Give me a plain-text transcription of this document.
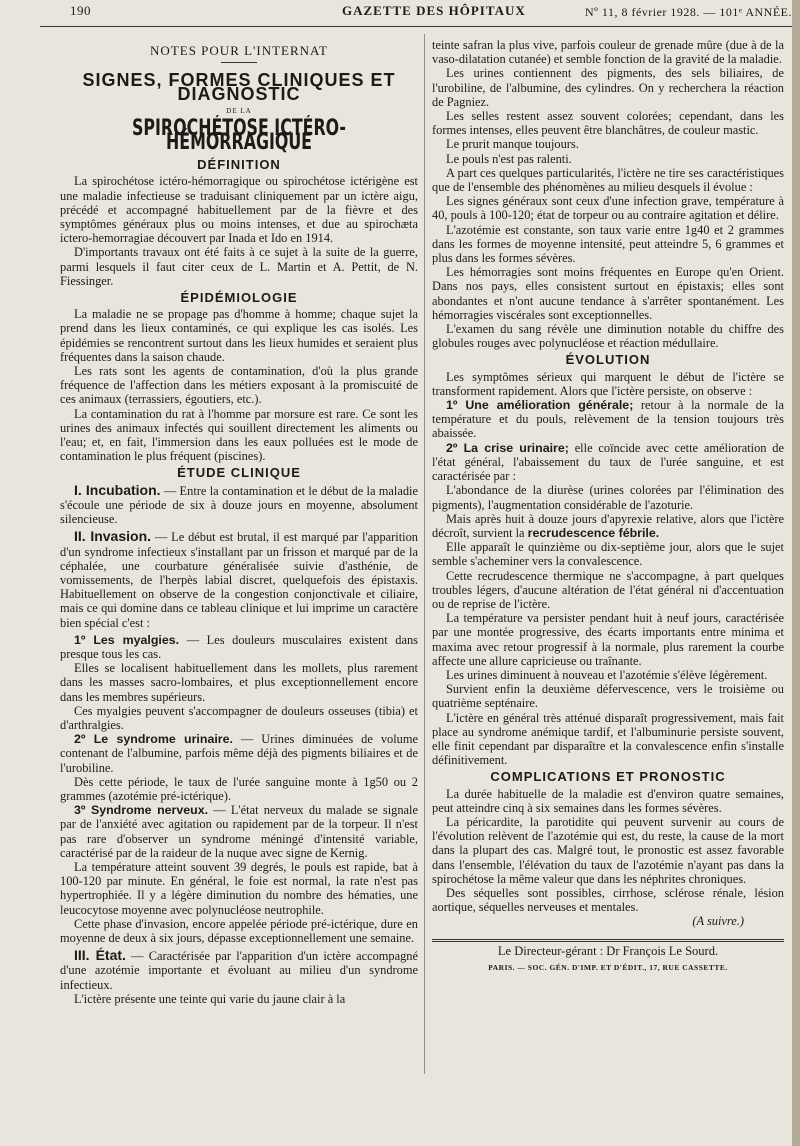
190	GAZETTE DES HÔPITAUX	Nº 11, 8 février 1928. — 101ᵉ ANNÉE.
NOTES POUR L'INTERNAT
SIGNES, FORMES CLINIQUES ET DIAGNOSTIC
DE LA
SPIROCHÉTOSE ICTÉRO-HÉMORRAGIQUE
DÉFINITION

La spirochétose ictéro-hémorragique ou spirochétose ictérigène est une maladie infectieuse se traduisant cliniquement par un ictère aigu, précédé et accompagné habituellement par de la fièvre et des symptômes généraux plus ou moins intenses, et due au spirochæta ictero-hemorragiae découvert par Inada et Ido en 1914.

D'importants travaux ont été faits à ce sujet à la suite de la guerre, parmi lesquels il faut citer ceux de L. Martin et A. Pettit, de N. Fiessinger.

ÉPIDÉMIOLOGIE

La maladie ne se propage pas d'homme à homme; chaque sujet la prend dans les lieux contaminés, ce qui explique les cas isolés. Les épidémies se rencontrent surtout dans les lieux humides et seraient plus fréquentes dans la saison chaude.

Les rats sont les agents de contamination, d'où la plus grande fréquence de l'affection dans les métiers exposant à la promiscuité de ces animaux (terrassiers, égoutiers, etc.).

La contamination du rat à l'homme par morsure est rare. Ce sont les urines des animaux infectés qui souillent directement les aliments ou l'eau; et, en fait, l'immersion dans les eaux polluées est le mode de contamination le plus fréquent (piscines).

ÉTUDE CLINIQUE

I. Incubation. — Entre la contamination et le début de la maladie s'écoule une période de six à douze jours en moyenne, absolument silencieuse.

II. Invasion. — Le début est brutal, il est marqué par l'apparition d'un syndrome infectieux s'installant par un frisson et marqué par de la céphalée, une courbature généralisée suivie d'asthénie, de vomissements, de l'herpès labial discret, quelquefois des épistaxis. Habituellement on observe de la congestion conjonctivale et ciliaire, mais ce qui domine dans ce tableau clinique et lui imprime un caractère bien spécial c'est :

1º Les myalgies. — Les douleurs musculaires existent dans presque tous les cas.

Elles se localisent habituellement dans les mollets, plus rarement dans les masses sacro-lombaires, et plus exceptionnellement encore dans les membres supérieurs.

Ces myalgies peuvent s'accompagner de douleurs osseuses (tibia) et d'arthralgies.

2º Le syndrome urinaire. — Urines diminuées de volume contenant de l'albumine, parfois même déjà des pigments biliaires et de l'urobiline.

Dès cette période, le taux de l'urée sanguine monte à 1g50 ou 2 grammes (azotémie pré-ictérique).

3º Syndrome nerveux. — L'état nerveux du malade se signale par de l'anxiété avec agitation ou rapidement par de la torpeur. Il n'est pas rare d'observer un syndrome méningé d'intensité variable, caractérisé par de la raideur de la nuque avec signe de Kernig.

La température atteint souvent 39 degrés, le pouls est rapide, bat à 100-120 par minute. En général, le foie est normal, la rate n'est pas hypertrophiée. Il y a légère diminution du nombre des hématies, une leucocytose moyenne avec polynucléose neutrophile.

Cette phase d'invasion, encore appelée période pré-ictérique, dure en moyenne de deux à six jours, dépasse exceptionnellement une semaine.

III. État. — Caractérisée par l'apparition d'un ictère accompagné d'une azotémie importante et évoluant au milieu d'un syndrome infectieux.

L'ictère présente une teinte qui varie du jaune clair à la

teinte safran la plus vive, parfois couleur de grenade mûre (due à de la vaso-dilatation cutanée) et semble fonction de la gravité de la maladie.

Les urines contiennent des pigments, des sels biliaires, de l'urobiline, de l'albumine, des cylindres. On y recherchera la réaction de Pagniez.

Les selles restent assez souvent colorées; cependant, dans les formes intenses, elles peuvent être blanchâtres, de couleur mastic.

Le prurit manque toujours.

Le pouls n'est pas ralenti.

A part ces quelques particularités, l'ictère ne tire ses caractéristiques que de l'ensemble des phénomènes au milieu desquels il évolue :

Les signes généraux sont ceux d'une infection grave, température à 40, pouls à 100-120; état de torpeur ou au contraire agitation et délire.

L'azotémie est constante, son taux varie entre 1g40 et 2 grammes dans les formes de moyenne intensité, peut atteindre 5, 6 grammes et plus dans les formes sévères.

Les hémorragies sont moins fréquentes en Europe qu'en Orient. Dans nos pays, elles consistent surtout en épistaxis; elles sont abondantes et n'ont aucune tendance à s'arrêter spontanément. Les hémorragies viscérales sont exceptionnelles.

L'examen du sang révèle une diminution notable du chiffre des globules rouges avec polynucléose et réaction médullaire.

ÉVOLUTION

Les symptômes sérieux qui marquent le début de l'ictère se transforment rapidement. Alors que l'ictère persiste, on observe :

1º Une amélioration générale; retour à la normale de la température et du pouls, relèvement de la tension toujours très abaissée.

2º La crise urinaire; elle coïncide avec cette amélioration de l'état général, l'abaissement du taux de l'urée sanguine, et est caractérisée par :

L'abondance de la diurèse (urines colorées par l'élimination des pigments), l'augmentation considérable de l'azoturie.

Mais après huit à douze jours d'apyrexie relative, alors que l'ictère décroît, survient la recrudescence fébrile.

Elle apparaît le quinzième ou dix-septième jour, alors que le sujet semble s'acheminer vers la convalescence.

Cette recrudescence thermique ne s'accompagne, à part quelques troubles légers, d'aucune altération de l'état général ni d'accentuation ou de reprise de l'ictère.

La température va persister pendant huit à neuf jours, caractérisée par une montée progressive, des écarts importants entre minima et maxima avec retour progressif à la normale, plus rarement la courbe affecte une allure capricieuse ou traînante.

Les urines diminuent à nouveau et l'azotémie s'élève légèrement.

Survient enfin la deuxième défervescence, vers le troisième ou quatrième septénaire.

L'ictère en général très atténué disparaît progressivement, mais fait place au syndrome anémique tardif, et l'albuminurie persiste souvent, elle finit cependant par disparaître et la convalescence enfin s'installe définitivement.

COMPLICATIONS ET PRONOSTIC

La durée habituelle de la maladie est d'environ quatre semaines, peut atteindre cinq à six semaines dans les formes sévères.

La péricardite, la parotidite qui peuvent survenir au cours de l'évolution relèvent de l'azotémie qui est, du reste, la cause de la mort dans la plupart des cas. Malgré tout, le pronostic est assez favorable dans l'ensemble, l'élévation du taux de l'azotémie n'ayant pas dans la spirochétose la même valeur que dans les néphrites chroniques.

Des séquelles sont possibles, cirrhose, sclérose rénale, lésion aortique, séquelles nerveuses et mentales.

(A suivre.)
Le Directeur-gérant : Dr François Le Sourd.
PARIS. — SOC. GÉN. D'IMP. ET D'ÉDIT., 17, RUE CASSETTE.
